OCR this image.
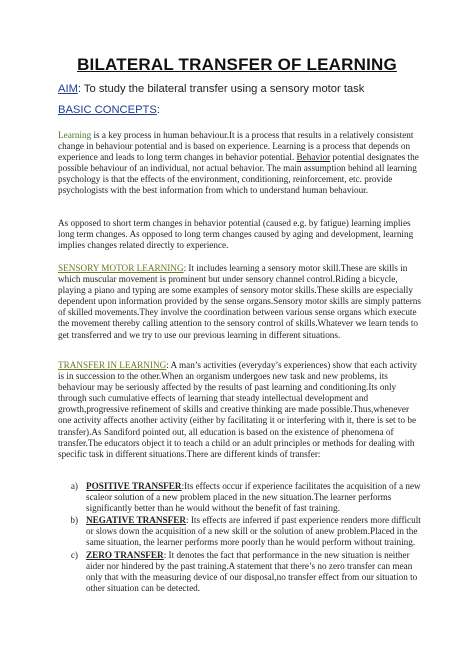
BILATERAL TRANSFER OF LEARNING
AIM: To study the bilateral transfer using a sensory motor task
BASIC CONCEPTS:
Learning is a key process in human behaviour.It is a process that results in a relatively consistent change in behaviour potential and is based on experience. Learning is a process that depends on experience and leads to long term changes in behavior potential. Behavior potential designates the possible behaviour of an individual, not actual behavior. The main assumption behind all learning psychology is that the effects of the environment, conditioning, reinforcement, etc. provide psychologists with the best information from which to understand human behaviour.
As opposed to short term changes in behavior potential (caused e.g. by fatigue) learning implies long term changes. As opposed to long term changes caused by aging and development, learning implies changes related directly to experience.
SENSORY MOTOR LEARNING: It includes learning a sensory motor skill.These are skills in which muscular movement is prominent but under sensory channel control.Riding a bicycle, playing a piano and typing are some examples of sensory motor skills.These skills are especially dependent upon information provided by the sense organs.Sensory motor skills are simply patterns of skilled movements.They involve the coordination between various sense organs which execute the movement thereby calling attention to the sensory control of skills.Whatever we learn tends to get transferred and we try to use our previous learning in different situations.
TRANSFER IN LEARNING: A man’s activities (everyday’s experiences) show that each activity is in succession to the other.When an organism undergoes new task and new problems, its behaviour may be seriously affected by the results of past learning and conditioning.Its only through such cumulative effects of learning that steady intellectual development and growth,progressive refinement of skills and creative thinking are made possible.Thus,whenever one activity affects another activity (either by facilitating it or interfering with it, there is set to be transfer).As Sandiford pointed out, all education is based on the existence of phenomena of transfer.The educators object it to teach a child or an adult principles or methods for dealing with specific task in different situations.There are different kinds of transfer:
a) POSITIVE TRANSFER:Its effects occur if experience facilitates the acquisition of a new scaleor solution of a new problem placed in the new situation.The learner performs significantly better than he would without the benefit of fast training.
b) NEGATIVE TRANSFER: Its effects are inferred if past experience renders more difficult or slows down the acquisition of a new skill or the solution of anew problem.Placed in the same situation, the learner performs more poorly than he would perform without training.
c) ZERO TRANSFER: It denotes the fact that performance in the new situation is neither aider nor hindered by the past training.A statement that there’s no zero transfer can mean only that with the measuring device of our disposal,no transfer effect from our situation to other situation can be detected.
